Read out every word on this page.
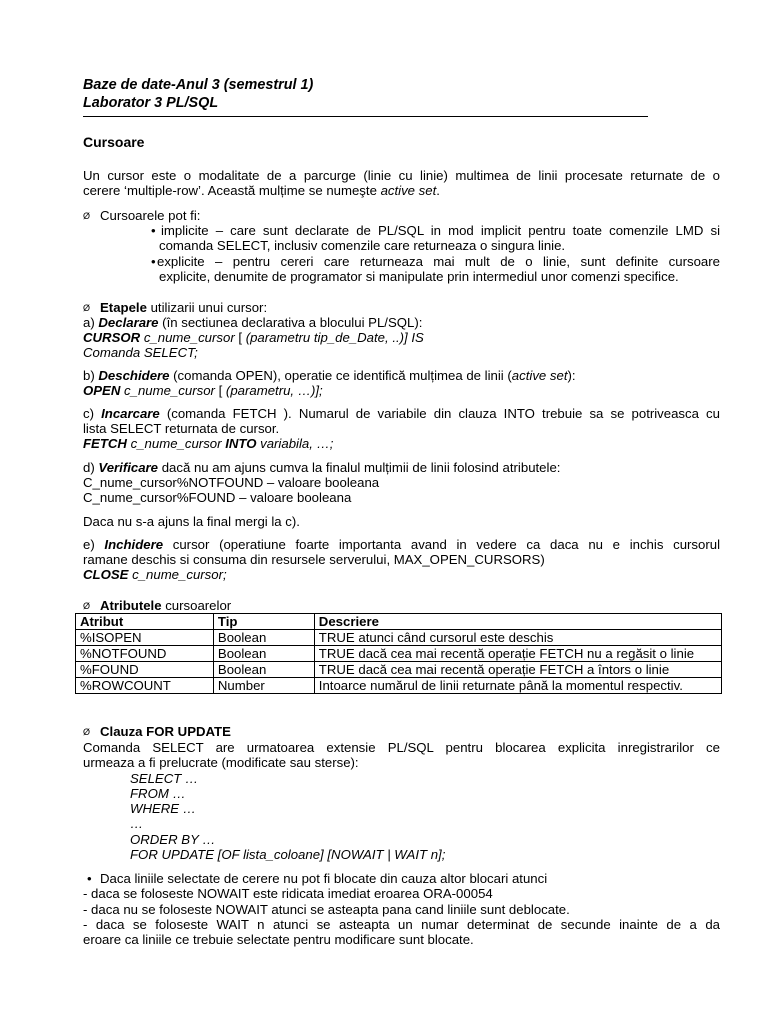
Baze de date-Anul 3 (semestrul 1)
Laborator 3 PL/SQL
Cursoare
Un cursor este o modalitate de a parcurge (linie cu linie) multimea de linii procesate returnate de o
cerere ‘multiple-row’. Această mulțime se numeşte active set.
Ø Cursoarele pot fi:
• implicite – care sunt declarate de PL/SQL in mod implicit pentru toate comenzile LMD si
comanda SELECT, inclusiv comenzile care returneaza o singura linie.
•explicite – pentru cereri care returneaza mai mult de o linie, sunt definite cursoare
explicite, denumite de programator si manipulate prin intermediul unor comenzi specifice.
Ø Etapele utilizarii unui cursor:
a) Declarare (în sectiunea declarativa a blocului PL/SQL):
CURSOR c_nume_cursor [ (parametru tip_de_Date, ..)] IS
Comanda SELECT;
b) Deschidere (comanda OPEN), operatie ce identifică mulțimea de linii (active set):
OPEN c_nume_cursor [ (parametru, …)];
c) Incarcare (comanda FETCH ). Numarul de variabile din clauza INTO trebuie sa se potriveasca cu
lista SELECT returnata de cursor.
FETCH c_nume_cursor INTO variabila, …;
d) Verificare dacă nu am ajuns cumva la finalul mulțimii de linii folosind atributele:
C_nume_cursor%NOTFOUND – valoare booleana
C_nume_cursor%FOUND – valoare booleana
Daca nu s-a ajuns la final mergi la c).
e) Inchidere cursor (operatiune foarte importanta avand in vedere ca daca nu e inchis cursorul
ramane deschis si consuma din resursele serverului, MAX_OPEN_CURSORS)
CLOSE c_nume_cursor;
Ø Atributele cursoarelor
Atribut	Tip	Descriere
%ISOPEN	Boolean	TRUE atunci când cursorul este deschis
%NOTFOUND	Boolean	TRUE dacă cea mai recentă operație FETCH nu a regăsit o linie
%FOUND	Boolean	TRUE dacă cea mai recentă operație FETCH a întors o linie
%ROWCOUNT	Number	Intoarce numărul de linii returnate până la momentul respectiv.
Ø Clauza FOR UPDATE
Comanda SELECT are urmatoarea extensie PL/SQL pentru blocarea explicita inregistrarilor ce
urmeaza a fi prelucrate (modificate sau sterse):
SELECT …
FROM …
WHERE …
…
ORDER BY …
FOR UPDATE [OF lista_coloane] [NOWAIT | WAIT n];
• Daca liniile selectate de cerere nu pot fi blocate din cauza altor blocari atunci
- daca se foloseste NOWAIT este ridicata imediat eroarea ORA-00054
- daca nu se foloseste NOWAIT atunci se asteapta pana cand liniile sunt deblocate.
- daca se foloseste WAIT n atunci se asteapta un numar determinat de secunde inainte de a da
eroare ca liniile ce trebuie selectate pentru modificare sunt blocate.
